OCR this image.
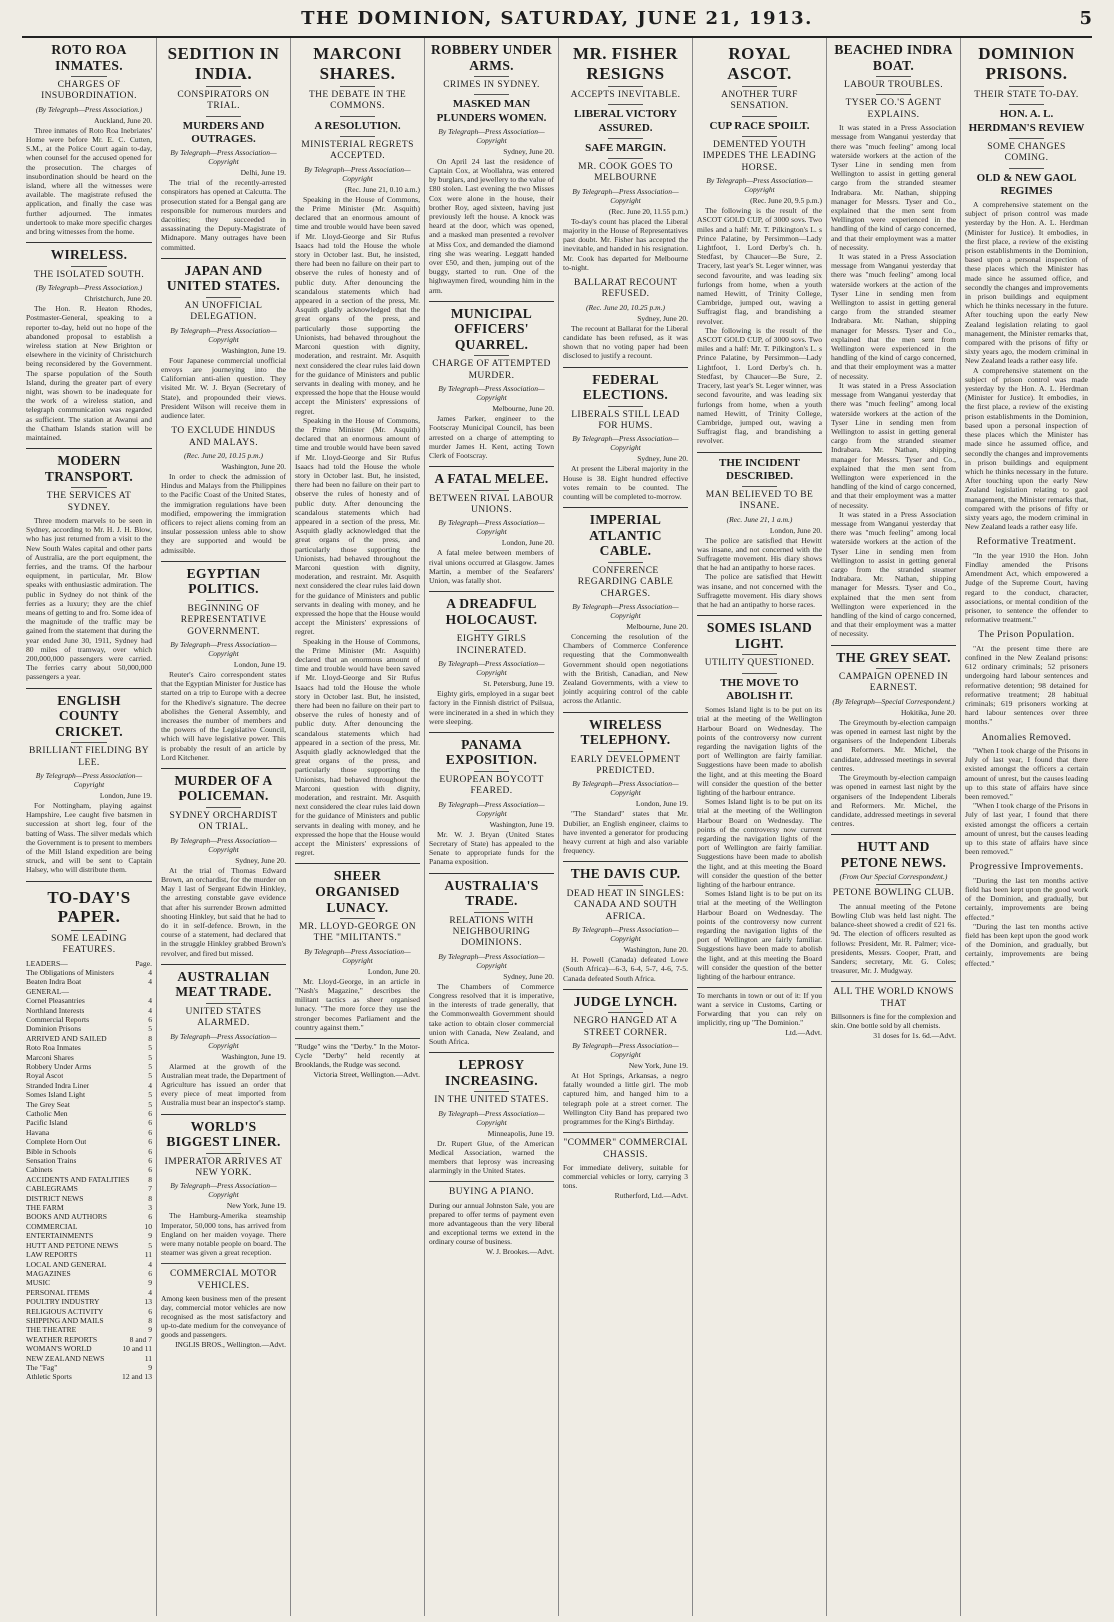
THE DOMINION, SATURDAY, JUNE 21, 1913.	5
ROTO ROA INMATES.
CHARGES OF INSUBORDINATION.
(By Telegraph—Press Association.)
Auckland, June 20.

Three inmates of Roto Roa Inebriates' Home were before Mr. E. C. Cutten, S.M., at the Police Court again to-day, when counsel for the accused opened for the prosecution. The charges of insubordination should be heard on the island, where all the witnesses were available. The magistrate refused the application, and finally the case was further adjourned. The inmates undertook to make more specific charges and bring witnesses from the home.

WIRELESS.
THE ISOLATED SOUTH.
(By Telegraph—Press Association.)
Christchurch, June 20.

The Hon. R. Heaton Rhodes, Postmaster-General, speaking to a reporter to-day, held out no hope of the abandoned proposal to establish a wireless station at New Brighton or elsewhere in the vicinity of Christchurch being reconsidered by the Government. The sparse population of the South Island, during the greater part of every night, was shown to be inadequate for the work of a wireless station, and telegraph communication was regarded as sufficient. The station at Awanui and the Chatham Islands station will be maintained.

MODERN TRANSPORT.
THE SERVICES AT SYDNEY.

Three modern marvels to be seen in Sydney, according to Mr. H. J. H. Blow, who has just returned from a visit to the New South Wales capital and other parts of Australia, are the port equipment, the ferries, and the trams. Of the harbour equipment, in particular, Mr. Blow speaks with enthusiastic admiration. The public in Sydney do not think of the ferries as a luxury; they are the chief means of getting to and fro. Some idea of the magnitude of the traffic may be gained from the statement that during the year ended June 30, 1911, Sydney had 80 miles of tramway, over which 200,000,000 passengers were carried. The ferries carry about 50,000,000 passengers a year.

ENGLISH COUNTY CRICKET.
BRILLIANT FIELDING BY LEE.
By Telegraph—Press Association—Copyright
London, June 19.

For Nottingham, playing against Hampshire, Lee caught five batsmen in succession at short leg, four of the batting of Wass. The silver medals which the Government is to present to members of the Mill Island expedition are being struck, and will be sent to Captain Halsey, who will distribute them.

TO-DAY'S PAPER.
SOME LEADING FEATURES.
LEADERS—	Page.
The Obligations of Ministers	4
Beaten Indra Boat	4
GENERAL—
Cornel Pleasantries	4
Northland Interests	4
Commercial Reports	6
Dominion Prisons	5
ARRIVED AND SAILED	8
Roto Roa Inmates	5
Marconi Shares	5
Robbery Under Arms	5
Royal Ascot	5
Stranded Indra Liner	4
Somes Island Light	5
The Grey Seat	5
Catholic Men	6
Pacific Island	6
Havana	6
Complete Horn Out	6
Bible in Schools	6
Sensation Trains	6
Cabinets	6
ACCIDENTS AND FATALITIES 8
CABLEGRAMS	7
DISTRICT NEWS	8
THE FARM	3
BOOKS AND AUTHORS	6
COMMERCIAL	10
ENTERTAINMENTS	9
HUTT AND PETONE NEWS	5
LAW REPORTS	11
LOCAL AND GENERAL	4
MAGAZINES	6
MUSIC	9
PERSONAL ITEMS	4
POULTRY INDUSTRY	13
RELIGIOUS ACTIVITY	6
SHIPPING AND MAILS	8
THE THEATRE	9
WEATHER REPORTS	8 and 7
WOMAN'S WORLD	10 and 11
NEW ZEALAND NEWS	11
The "Fag"	9
Athletic Sports	12 and 13
SEDITION IN INDIA.
CONSPIRATORS ON TRIAL.
MURDERS AND OUTRAGES.
By Telegraph—Press Association—Copyright
Delhi, June 19.

The trial of the recently-arrested conspirators has opened at Calcutta. The prosecution stated for a Bengal gang are responsible for numerous murders and dacoities; they succeeded in assassinating the Deputy-Magistrate of Midnapore. Many outrages have been committed.

JAPAN AND UNITED STATES.
AN UNOFFICIAL DELEGATION.
By Telegraph—Press Association—Copyright
Washington, June 19.

Four Japanese commercial unofficial envoys are journeying into the Californian anti-alien question. They visited Mr. W. J. Bryan (Secretary of State), and propounded their views. President Wilson will receive them in audience later.

TO EXCLUDE HINDUS AND MALAYS.
(Rec. June 20, 10.15 p.m.)
Washington, June 20.

In order to check the admission of Hindus and Malays from the Philippines to the Pacific Coast of the United States, the immigration regulations have been modified, empowering the immigration officers to reject aliens coming from an insular possession unless able to show they are supported and would be admissible.

EGYPTIAN POLITICS.
BEGINNING OF REPRESENTATIVE GOVERNMENT.
By Telegraph—Press Association—Copyright
London, June 19.

Reuter's Cairo correspondent states that the Egyptian Minister for Justice has started on a trip to Europe with a decree for the Khedive's signature. The decree abolishes the General Assembly, and increases the number of members and the powers of the Legislative Council, which will have legislative power. This is probably the result of an article by Lord Kitchener.

MURDER OF A POLICEMAN.
SYDNEY ORCHARDIST ON TRIAL.
By Telegraph—Press Association—Copyright
Sydney, June 20.

At the trial of Thomas Edward Brown, an orchardist, for the murder on May 1 last of Sergeant Edwin Hinkley, the arresting constable gave evidence that after his surrender Brown admitted shooting Hinkley, but said that he had to do it in self-defence. Brown, in the course of a statement, had declared that in the struggle Hinkley grabbed Brown's revolver, and fired but missed.

AUSTRALIAN MEAT TRADE.
UNITED STATES ALARMED.
By Telegraph—Press Association—Copyright
Washington, June 19.

Alarmed at the growth of the Australian meat trade, the Department of Agriculture has issued an order that every piece of meat imported from Australia must bear an inspector's stamp.

WORLD'S BIGGEST LINER.
IMPERATOR ARRIVES AT NEW YORK.
By Telegraph—Press Association—Copyright
New York, June 19.

The Hamburg-Amerika steamship Imperator, 50,000 tons, has arrived from England on her maiden voyage. There were many notable people on board. The steamer was given a great reception.

COMMERCIAL MOTOR VEHICLES.
Among keen business men of the present day, commercial motor vehicles are now recognised as the most satisfactory and up-to-date medium for the conveyance of goods and passengers.
INGLIS BROS., Wellington.—Advt.
MARCONI SHARES.
THE DEBATE IN THE COMMONS.
A RESOLUTION.
MINISTERIAL REGRETS ACCEPTED.
By Telegraph—Press Association—Copyright
(Rec. June 21, 0.10 a.m.)

Speaking in the House of Commons, the Prime Minister (Mr. Asquith) declared that an enormous amount of time and trouble would have been saved if Mr. Lloyd-George and Sir Rufus Isaacs had told the House the whole story in October last. But, he insisted, there had been no failure on their part to observe the rules of honesty and of public duty. After denouncing the scandalous statements which had appeared in a section of the press, Mr. Asquith gladly acknowledged that the great organs of the press, and particularly those supporting the Unionists, had behaved throughout the Marconi question with dignity, moderation, and restraint. Mr. Asquith next considered the clear rules laid down for the guidance of Ministers and public servants in dealing with money, and he expressed the hope that the House would accept the Ministers' expressions of regret.

Speaking in the House of Commons, the Prime Minister (Mr. Asquith) declared that an enormous amount of time and trouble would have been saved if Mr. Lloyd-George and Sir Rufus Isaacs had told the House the whole story in October last. But, he insisted, there had been no failure on their part to observe the rules of honesty and of public duty. After denouncing the scandalous statements which had appeared in a section of the press, Mr. Asquith gladly acknowledged that the great organs of the press, and particularly those supporting the Unionists, had behaved throughout the Marconi question with dignity, moderation, and restraint. Mr. Asquith next considered the clear rules laid down for the guidance of Ministers and public servants in dealing with money, and he expressed the hope that the House would accept the Ministers' expressions of regret.

Speaking in the House of Commons, the Prime Minister (Mr. Asquith) declared that an enormous amount of time and trouble would have been saved if Mr. Lloyd-George and Sir Rufus Isaacs had told the House the whole story in October last. But, he insisted, there had been no failure on their part to observe the rules of honesty and of public duty. After denouncing the scandalous statements which had appeared in a section of the press, Mr. Asquith gladly acknowledged that the great organs of the press, and particularly those supporting the Unionists, had behaved throughout the Marconi question with dignity, moderation, and restraint. Mr. Asquith next considered the clear rules laid down for the guidance of Ministers and public servants in dealing with money, and he expressed the hope that the House would accept the Ministers' expressions of regret.

SHEER ORGANISED LUNACY.
MR. LLOYD-GEORGE ON THE "MILITANTS."
By Telegraph—Press Association—Copyright
London, June 20.

Mr. Lloyd-George, in an article in "Nash's Magazine," describes the militant tactics as sheer organised lunacy. "The more force they use the stronger becomes Parliament and the country against them."

"Rudge" wins the "Derby." In the Motor-Cycle "Derby" held recently at Brooklands, the Rudge was second.
Victoria Street, Wellington.—Advt.
ROBBERY UNDER ARMS.
CRIMES IN SYDNEY.
MASKED MAN PLUNDERS WOMEN.
By Telegraph—Press Association—Copyright
Sydney, June 20.

On April 24 last the residence of Captain Cox, at Woollahra, was entered by burglars, and jewellery to the value of £80 stolen. Last evening the two Misses Cox were alone in the house, their brother Roy, aged sixteen, having just previously left the house. A knock was heard at the door, which was opened, and a masked man presented a revolver at Miss Cox, and demanded the diamond ring she was wearing. Leggatt handed over £50, and then, jumping out of the buggy, started to run. One of the highwaymen fired, wounding him in the arm.

MUNICIPAL OFFICERS' QUARREL.
CHARGE OF ATTEMPTED MURDER.
By Telegraph—Press Association—Copyright
Melbourne, June 20.

James Parker, engineer to the Footscray Municipal Council, has been arrested on a charge of attempting to murder James H. Kent, acting Town Clerk of Footscray.

A FATAL MELEE.
BETWEEN RIVAL LABOUR UNIONS.
By Telegraph—Press Association—Copyright
London, June 20.

A fatal melee between members of rival unions occurred at Glasgow. James Martin, a member of the Seafarers' Union, was fatally shot.

A DREADFUL HOLOCAUST.
EIGHTY GIRLS INCINERATED.
By Telegraph—Press Association—Copyright
St. Petersburg, June 19.

Eighty girls, employed in a sugar beet factory in the Finnish district of Psilsua, were incinerated in a shed in which they were sleeping.

PANAMA EXPOSITION.
EUROPEAN BOYCOTT FEARED.
By Telegraph—Press Association—Copyright
Washington, June 19.

Mr. W. J. Bryan (United States Secretary of State) has appealed to the Senate to appropriate funds for the Panama exposition.

AUSTRALIA'S TRADE.
RELATIONS WITH NEIGHBOURING DOMINIONS.
By Telegraph—Press Association—Copyright
Sydney, June 20.

The Chambers of Commerce Congress resolved that it is imperative, in the interests of trade generally, that the Commonwealth Government should take action to obtain closer commercial union with Canada, New Zealand, and South Africa.

LEPROSY INCREASING.
IN THE UNITED STATES.
By Telegraph—Press Association—Copyright
Minneapolis, June 19.

Dr. Rupert Glue, of the American Medical Association, warned the members that leprosy was increasing alarmingly in the United States.

BUYING A PIANO.
During our annual Johnston Sale, you are prepared to offer terms of payment even more advantageous than the very liberal and exceptional terms we extend in the ordinary course of business.
W. J. Brookes.—Advt.
MR. FISHER RESIGNS
ACCEPTS INEVITABLE.
LIBERAL VICTORY ASSURED.
SAFE MARGIN.
MR. COOK GOES TO MELBOURNE
By Telegraph—Press Association—Copyright
(Rec. June 20, 11.55 p.m.)

To-day's count has placed the Liberal majority in the House of Representatives past doubt. Mr. Fisher has accepted the inevitable, and handed in his resignation. Mr. Cook has departed for Melbourne to-night.

BALLARAT RECOUNT REFUSED.
(Rec. June 20, 10.25 p.m.)
Sydney, June 20.

The recount at Ballarat for the Liberal candidate has been refused, as it was shown that no voting paper had been disclosed to justify a recount.

FEDERAL ELECTIONS.
LIBERALS STILL LEAD FOR HUMS.
By Telegraph—Press Association—Copyright
Sydney, June 20.

At present the Liberal majority in the House is 38. Eight hundred effective votes remain to be counted. The counting will be completed to-morrow.

IMPERIAL ATLANTIC CABLE.
CONFERENCE REGARDING CABLE CHARGES.
By Telegraph—Press Association—Copyright
Melbourne, June 20.

Concerning the resolution of the Chambers of Commerce Conference requesting that the Commonwealth Government should open negotiations with the British, Canadian, and New Zealand Governments, with a view to jointly acquiring control of the cable across the Atlantic.

WIRELESS TELEPHONY.
EARLY DEVELOPMENT PREDICTED.
By Telegraph—Press Association—Copyright
London, June 19.

"The Standard" states that Mr. Dubilier, an English engineer, claims to have invented a generator for producing heavy current at high and also variable frequency.

THE DAVIS CUP.
DEAD HEAT IN SINGLES: CANADA AND SOUTH AFRICA.
By Telegraph—Press Association—Copyright
Washington, June 20.

H. Powell (Canada) defeated Lowe (South Africa)—6-3, 6-4, 5-7, 4-6, 7-5. Canada defeated South Africa.

JUDGE LYNCH.
NEGRO HANGED AT A STREET CORNER.
By Telegraph—Press Association—Copyright
New York, June 19.

At Hot Springs, Arkansas, a negro fatally wounded a little girl. The mob captured him, and hanged him to a telegraph pole at a street corner. The Wellington City Band has prepared two programmes for the King's Birthday.

"COMMER" COMMERCIAL CHASSIS.
For immediate delivery, suitable for commercial vehicles or lorry, carrying 3 tons.
Rutherford, Ltd.—Advt.
ROYAL ASCOT.
ANOTHER TURF SENSATION.
CUP RACE SPOILT.
DEMENTED YOUTH IMPEDES THE LEADING HORSE.
By Telegraph—Press Association—Copyright
(Rec. June 20, 9.5 p.m.)

The following is the result of the ASCOT GOLD CUP, of 3000 sovs. Two miles and a half: Mr. T. Pilkington's L. s Prince Palatine, by Persimmon—Lady Lightfoot, 1. Lord Derby's ch. h. Stedfast, by Chaucer—Be Sure, 2. Tracery, last year's St. Leger winner, was second favourite, and was leading six furlongs from home, when a youth named Hewitt, of Trinity College, Cambridge, jumped out, waving a Suffragist flag, and brandishing a revolver.

The following is the result of the ASCOT GOLD CUP, of 3000 sovs. Two miles and a half: Mr. T. Pilkington's L. s Prince Palatine, by Persimmon—Lady Lightfoot, 1. Lord Derby's ch. h. Stedfast, by Chaucer—Be Sure, 2. Tracery, last year's St. Leger winner, was second favourite, and was leading six furlongs from home, when a youth named Hewitt, of Trinity College, Cambridge, jumped out, waving a Suffragist flag, and brandishing a revolver.

THE INCIDENT DESCRIBED.
MAN BELIEVED TO BE INSANE.
(Rec. June 21, 1 a.m.)
London, June 20.

The police are satisfied that Hewitt was insane, and not concerned with the Suffragette movement. His diary shows that he had an antipathy to horse races.

The police are satisfied that Hewitt was insane, and not concerned with the Suffragette movement. His diary shows that he had an antipathy to horse races.

SOMES ISLAND LIGHT.
UTILITY QUESTIONED.
THE MOVE TO ABOLISH IT.

Somes Island light is to be put on its trial at the meeting of the Wellington Harbour Board on Wednesday. The points of the controversy now current regarding the navigation lights of the port of Wellington are fairly familiar. Suggestions have been made to abolish the light, and at this meeting the Board will consider the question of the better lighting of the harbour entrance.

Somes Island light is to be put on its trial at the meeting of the Wellington Harbour Board on Wednesday. The points of the controversy now current regarding the navigation lights of the port of Wellington are fairly familiar. Suggestions have been made to abolish the light, and at this meeting the Board will consider the question of the better lighting of the harbour entrance.

Somes Island light is to be put on its trial at the meeting of the Wellington Harbour Board on Wednesday. The points of the controversy now current regarding the navigation lights of the port of Wellington are fairly familiar. Suggestions have been made to abolish the light, and at this meeting the Board will consider the question of the better lighting of the harbour entrance.

To merchants in town or out of it: If you want a service in Customs, Carting or Forwarding that you can rely on implicitly, ring up "The Dominion."
Ltd.—Advt.
BEACHED INDRA BOAT.
LABOUR TROUBLES.
TYSER CO.'S AGENT EXPLAINS.

It was stated in a Press Association message from Wanganui yesterday that there was "much feeling" among local waterside workers at the action of the Tyser Line in sending men from Wellington to assist in getting general cargo from the stranded steamer Indrabara. Mr. Nathan, shipping manager for Messrs. Tyser and Co., explained that the men sent from Wellington were experienced in the handling of the kind of cargo concerned, and that their employment was a matter of necessity.

It was stated in a Press Association message from Wanganui yesterday that there was "much feeling" among local waterside workers at the action of the Tyser Line in sending men from Wellington to assist in getting general cargo from the stranded steamer Indrabara. Mr. Nathan, shipping manager for Messrs. Tyser and Co., explained that the men sent from Wellington were experienced in the handling of the kind of cargo concerned, and that their employment was a matter of necessity.

It was stated in a Press Association message from Wanganui yesterday that there was "much feeling" among local waterside workers at the action of the Tyser Line in sending men from Wellington to assist in getting general cargo from the stranded steamer Indrabara. Mr. Nathan, shipping manager for Messrs. Tyser and Co., explained that the men sent from Wellington were experienced in the handling of the kind of cargo concerned, and that their employment was a matter of necessity.

It was stated in a Press Association message from Wanganui yesterday that there was "much feeling" among local waterside workers at the action of the Tyser Line in sending men from Wellington to assist in getting general cargo from the stranded steamer Indrabara. Mr. Nathan, shipping manager for Messrs. Tyser and Co., explained that the men sent from Wellington were experienced in the handling of the kind of cargo concerned, and that their employment was a matter of necessity.

THE GREY SEAT.
CAMPAIGN OPENED IN EARNEST.
(By Telegraph—Special Correspondent.)
Hokitika, June 20.

The Greymouth by-election campaign was opened in earnest last night by the organisers of the Independent Liberals and Reformers. Mr. Michel, the candidate, addressed meetings in several centres.

The Greymouth by-election campaign was opened in earnest last night by the organisers of the Independent Liberals and Reformers. Mr. Michel, the candidate, addressed meetings in several centres.

HUTT AND PETONE NEWS.
(From Our Special Correspondent.)
PETONE BOWLING CLUB.

The annual meeting of the Petone Bowling Club was held last night. The balance-sheet showed a credit of £21 6s. 9d. The election of officers resulted as follows: President, Mr. R. Palmer; vice-presidents, Messrs. Cooper, Pratt, and Sanders; secretary, Mr. G. Coles; treasurer, Mr. J. Mudgway.

ALL THE WORLD KNOWS THAT
Billsonners is fine for the complexion and skin. One bottle sold by all chemists.
31 doses for 1s. 6d.—Advt.
DOMINION PRISONS.
THEIR STATE TO-DAY.
HON. A. L. HERDMAN'S REVIEW
SOME CHANGES COMING.
OLD & NEW GAOL REGIMES

A comprehensive statement on the subject of prison control was made yesterday by the Hon. A. L. Herdman (Minister for Justice). It embodies, in the first place, a review of the existing prison establishments in the Dominion, based upon a personal inspection of these places which the Minister has made since he assumed office, and secondly the changes and improvements in prison buildings and equipment which he thinks necessary in the future. After touching upon the early New Zealand legislation relating to gaol management, the Minister remarks that, compared with the prisons of fifty or sixty years ago, the modern criminal in New Zealand leads a rather easy life.

A comprehensive statement on the subject of prison control was made yesterday by the Hon. A. L. Herdman (Minister for Justice). It embodies, in the first place, a review of the existing prison establishments in the Dominion, based upon a personal inspection of these places which the Minister has made since he assumed office, and secondly the changes and improvements in prison buildings and equipment which he thinks necessary in the future. After touching upon the early New Zealand legislation relating to gaol management, the Minister remarks that, compared with the prisons of fifty or sixty years ago, the modern criminal in New Zealand leads a rather easy life.

Reformative Treatment.

"In the year 1910 the Hon. John Findlay amended the Prisons Amendment Act, which empowered a Judge of the Supreme Court, having regard to the conduct, character, associations, or mental condition of the prisoner, to sentence the offender to reformative treatment."

The Prison Population.

"At the present time there are confined in the New Zealand prisons: 612 ordinary criminals; 52 prisoners undergoing hard labour sentences and reformative detention; 98 detained for reformative treatment; 28 habitual criminals; 619 prisoners working at hard labour sentences over three months."

Anomalies Removed.

"When I took charge of the Prisons in July of last year, I found that there existed amongst the officers a certain amount of unrest, but the causes leading up to this state of affairs have since been removed."

"When I took charge of the Prisons in July of last year, I found that there existed amongst the officers a certain amount of unrest, but the causes leading up to this state of affairs have since been removed."

Progressive Improvements.

"During the last ten months active field has been kept upon the good work of the Dominion, and gradually, but certainly, improvements are being effected."

"During the last ten months active field has been kept upon the good work of the Dominion, and gradually, but certainly, improvements are being effected."
